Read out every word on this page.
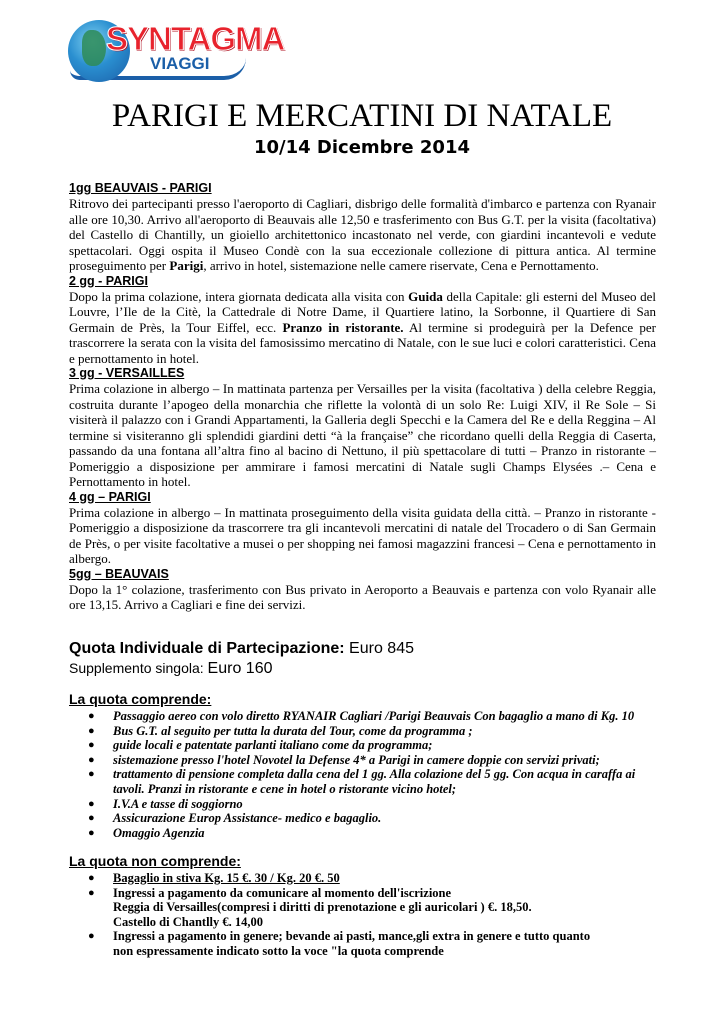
SYNTAGMA
VIAGGI
PARIGI E MERCATINI DI NATALE
10/14 Dicembre 2014
1gg BEAUVAIS - PARIGI

Ritrovo dei partecipanti presso l'aeroporto di Cagliari, disbrigo delle formalità d'imbarco e partenza con Ryanair alle ore 10,30. Arrivo all'aeroporto di Beauvais alle 12,50 e trasferimento con Bus G.T. per la visita (facoltativa) del Castello di Chantilly, un gioiello architettonico incastonato nel verde, con giardini incantevoli e vedute spettacolari. Oggi ospita il Museo Condè con la sua eccezionale collezione di pittura antica. Al termine proseguimento per Parigi, arrivo in hotel, sistemazione nelle camere riservate, Cena e Pernottamento.

2 gg - PARIGI

Dopo la prima colazione, intera giornata dedicata alla visita con Guida della Capitale: gli esterni del Museo del Louvre, l’Ile de la Citè, la Cattedrale di Notre Dame, il Quartiere latino, la Sorbonne, il Quartiere di San Germain de Près, la Tour Eiffel, ecc. Pranzo in ristorante. Al termine si prodeguirà per la Defence per trascorrere la serata con la visita del famosissimo mercatino di Natale, con le sue luci e colori caratteristici. Cena e pernottamento in hotel.

3 gg - VERSAILLES

Prima colazione in albergo – In mattinata partenza per Versailles per la visita (facoltativa ) della celebre Reggia, costruita durante l’apogeo della monarchia che riflette la volontà di un solo Re: Luigi XIV, il Re Sole – Si visiterà il palazzo con i Grandi Appartamenti, la Galleria degli Specchi e la Camera del Re e della Reggina – Al termine si visiteranno gli splendidi giardini detti “à la française” che ricordano quelli della Reggia di Caserta, passando da una fontana all’altra fino al bacino di Nettuno, il più spettacolare di tutti – Pranzo in ristorante – Pomeriggio a disposizione per ammirare i famosi mercatini di Natale sugli Champs Elysées .– Cena e Pernottamento in hotel.

4 gg – PARIGI

Prima colazione in albergo – In mattinata proseguimento della visita guidata della città. – Pranzo in ristorante - Pomeriggio a disposizione da trascorrere tra gli incantevoli mercatini di natale del Trocadero o di San Germain de Près, o per visite facoltative a musei o per shopping nei famosi magazzini francesi – Cena e pernottamento in albergo.

5gg – BEAUVAIS

Dopo la 1° colazione, trasferimento con Bus privato in Aeroporto a Beauvais e partenza con volo Ryanair alle ore 13,15. Arrivo a Cagliari e fine dei servizi.

Quota Individuale di Partecipazione: Euro 845
Supplemento singola: Euro 160
La quota comprende:
● Passaggio aereo con volo diretto RYANAIR Cagliari /Parigi Beauvais Con bagaglio a mano di Kg. 10
● Bus G.T. al seguito per tutta la durata del Tour, come da programma ;
● guide locali e patentate parlanti italiano come da programma;
● sistemazione presso l'hotel Novotel la Defense 4* a Parigi in camere doppie con servizi privati;
● trattamento di pensione completa dalla cena del 1 gg. Alla colazione del 5 gg. Con acqua in caraffa ai tavoli. Pranzi in ristorante e cene in hotel o ristorante vicino hotel;
● I.V.A e tasse di soggiorno
● Assicurazione Europ Assistance- medico e bagaglio.
● Omaggio Agenzia
La quota non comprende:
● Bagaglio in stiva Kg. 15 €. 30 / Kg. 20 €. 50
● Ingressi a pagamento da comunicare al momento dell'iscrizione
Reggia di Versailles(compresi i diritti di prenotazione e gli auricolari ) €. 18,50.
Castello di Chantlly €. 14,00
● Ingressi a pagamento in genere; bevande ai pasti, mance,gli extra in genere e tutto quanto
non espressamente indicato sotto la voce "la quota comprende
